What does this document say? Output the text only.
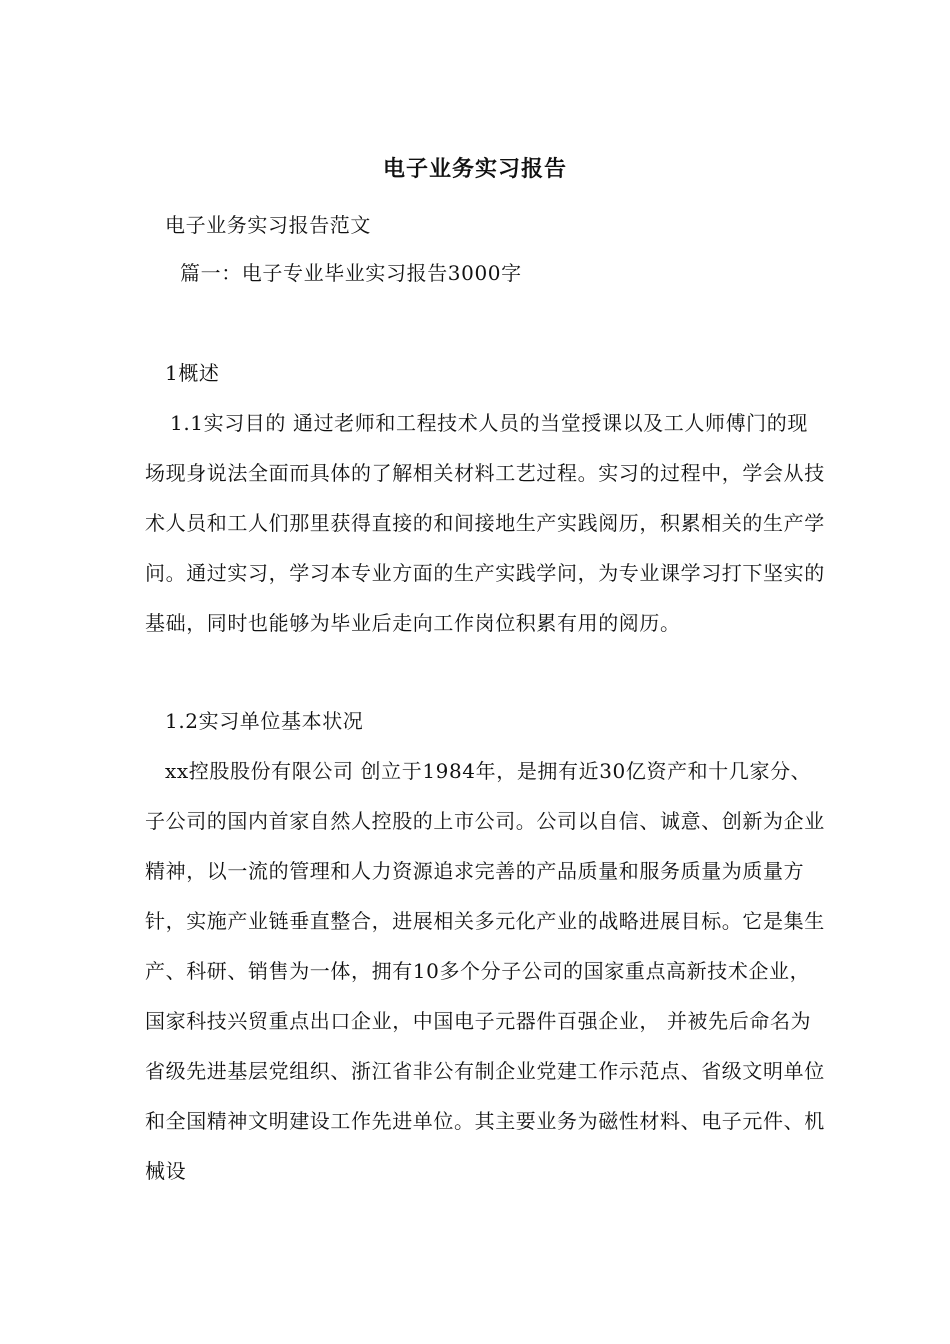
电子业务实习报告
电子业务实习报告范文
篇一：电子专业毕业实习报告3000字
1概述
1.1实习目的 通过老师和工程技术人员的当堂授课以及工人师傅门的现场现身说法全面而具体的了解相关材料工艺过程。实习的过程中，学会从技术人员和工人们那里获得直接的和间接地生产实践阅历，积累相关的生产学问。通过实习，学习本专业方面的生产实践学问，为专业课学习打下坚实的基础，同时也能够为毕业后走向工作岗位积累有用的阅历。
1.2实习单位基本状况
xx控股股份有限公司 创立于1984年，是拥有近30亿资产和十几家分、子公司的国内首家自然人控股的上市公司。公司以自信、诚意、创新为企业精神，以一流的管理和人力资源追求完善的产品质量和服务质量为质量方针，实施产业链垂直整合，进展相关多元化产业的战略进展目标。它是集生产、科研、销售为一体，拥有10多个分子公司的国家重点高新技术企业，国家科技兴贸重点出口企业，中国电子元器件百强企业， 并被先后命名为省级先进基层党组织、浙江省非公有制企业党建工作示范点、省级文明单位和全国精神文明建设工作先进单位。其主要业务为磁性材料、电子元件、机械设
